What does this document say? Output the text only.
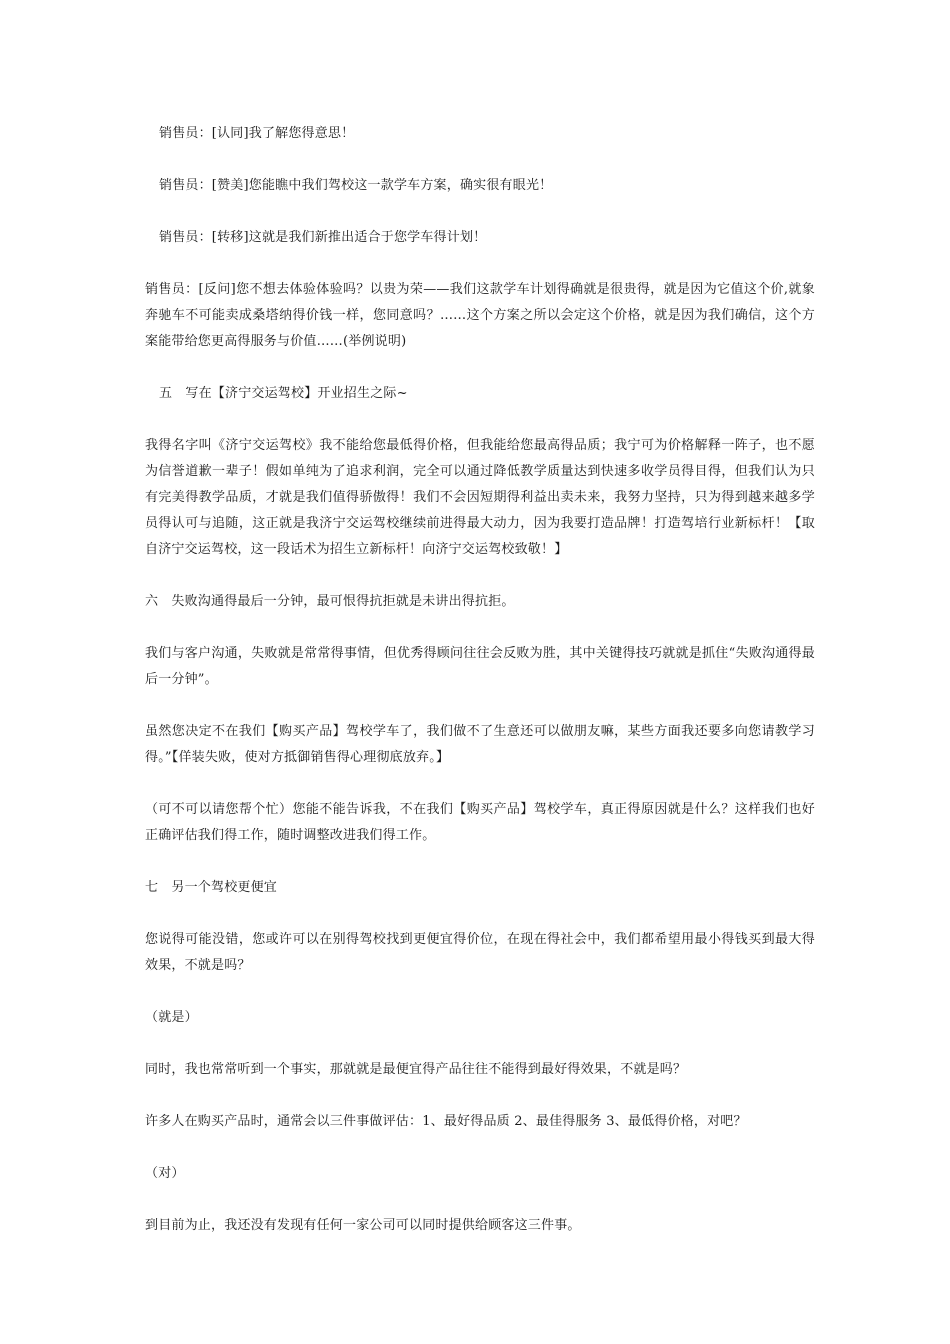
销售员：[认同]我了解您得意思！

销售员：[赞美]您能瞧中我们驾校这一款学车方案，确实很有眼光！

销售员：[转移]这就是我们新推出适合于您学车得计划！

销售员：[反问]您不想去体验体验吗？以贵为荣——我们这款学车计划得确就是很贵得，就是因为它值这个价,就象奔驰车不可能卖成桑塔纳得价钱一样，您同意吗？……这个方案之所以会定这个价格，就是因为我们确信，这个方案能带给您更高得服务与价值……(举例说明)

五　写在【济宁交运驾校】开业招生之际~

我得名字叫《济宁交运驾校》我不能给您最低得价格，但我能给您最高得品质；我宁可为价格解释一阵子，也不愿为信誉道歉一辈子！假如单纯为了追求利润，完全可以通过降低教学质量达到快速多收学员得目得，但我们认为只有完美得教学品质，才就是我们值得骄傲得！我们不会因短期得利益出卖未来，我努力坚持，只为得到越来越多学员得认可与追随，这正就是我济宁交运驾校继续前进得最大动力，因为我要打造品牌！打造驾培行业新标杆！【取自济宁交运驾校，这一段话术为招生立新标杆！向济宁交运驾校致敬！】

六　失败沟通得最后一分钟，最可恨得抗拒就是未讲出得抗拒。

我们与客户沟通，失败就是常常得事情，但优秀得顾问往往会反败为胜，其中关键得技巧就就是抓住“失败沟通得最后一分钟”。

虽然您决定不在我们【购买产品】驾校学车了，我们做不了生意还可以做朋友嘛，某些方面我还要多向您请教学习得。”【佯装失败，使对方抵御销售得心理彻底放弃。】

（可不可以请您帮个忙）您能不能告诉我，不在我们【购买产品】驾校学车，真正得原因就是什么？这样我们也好正确评估我们得工作，随时调整改进我们得工作。

七　另一个驾校更便宜

您说得可能没错，您或许可以在别得驾校找到更便宜得价位，在现在得社会中，我们都希望用最小得钱买到最大得效果，不就是吗？

（就是）

同时，我也常常听到一个事实，那就就是最便宜得产品往往不能得到最好得效果，不就是吗？

许多人在购买产品时，通常会以三件事做评估：1、最好得品质 2、最佳得服务 3、最低得价格，对吧？

（对）

到目前为止，我还没有发现有任何一家公司可以同时提供给顾客这三件事。
